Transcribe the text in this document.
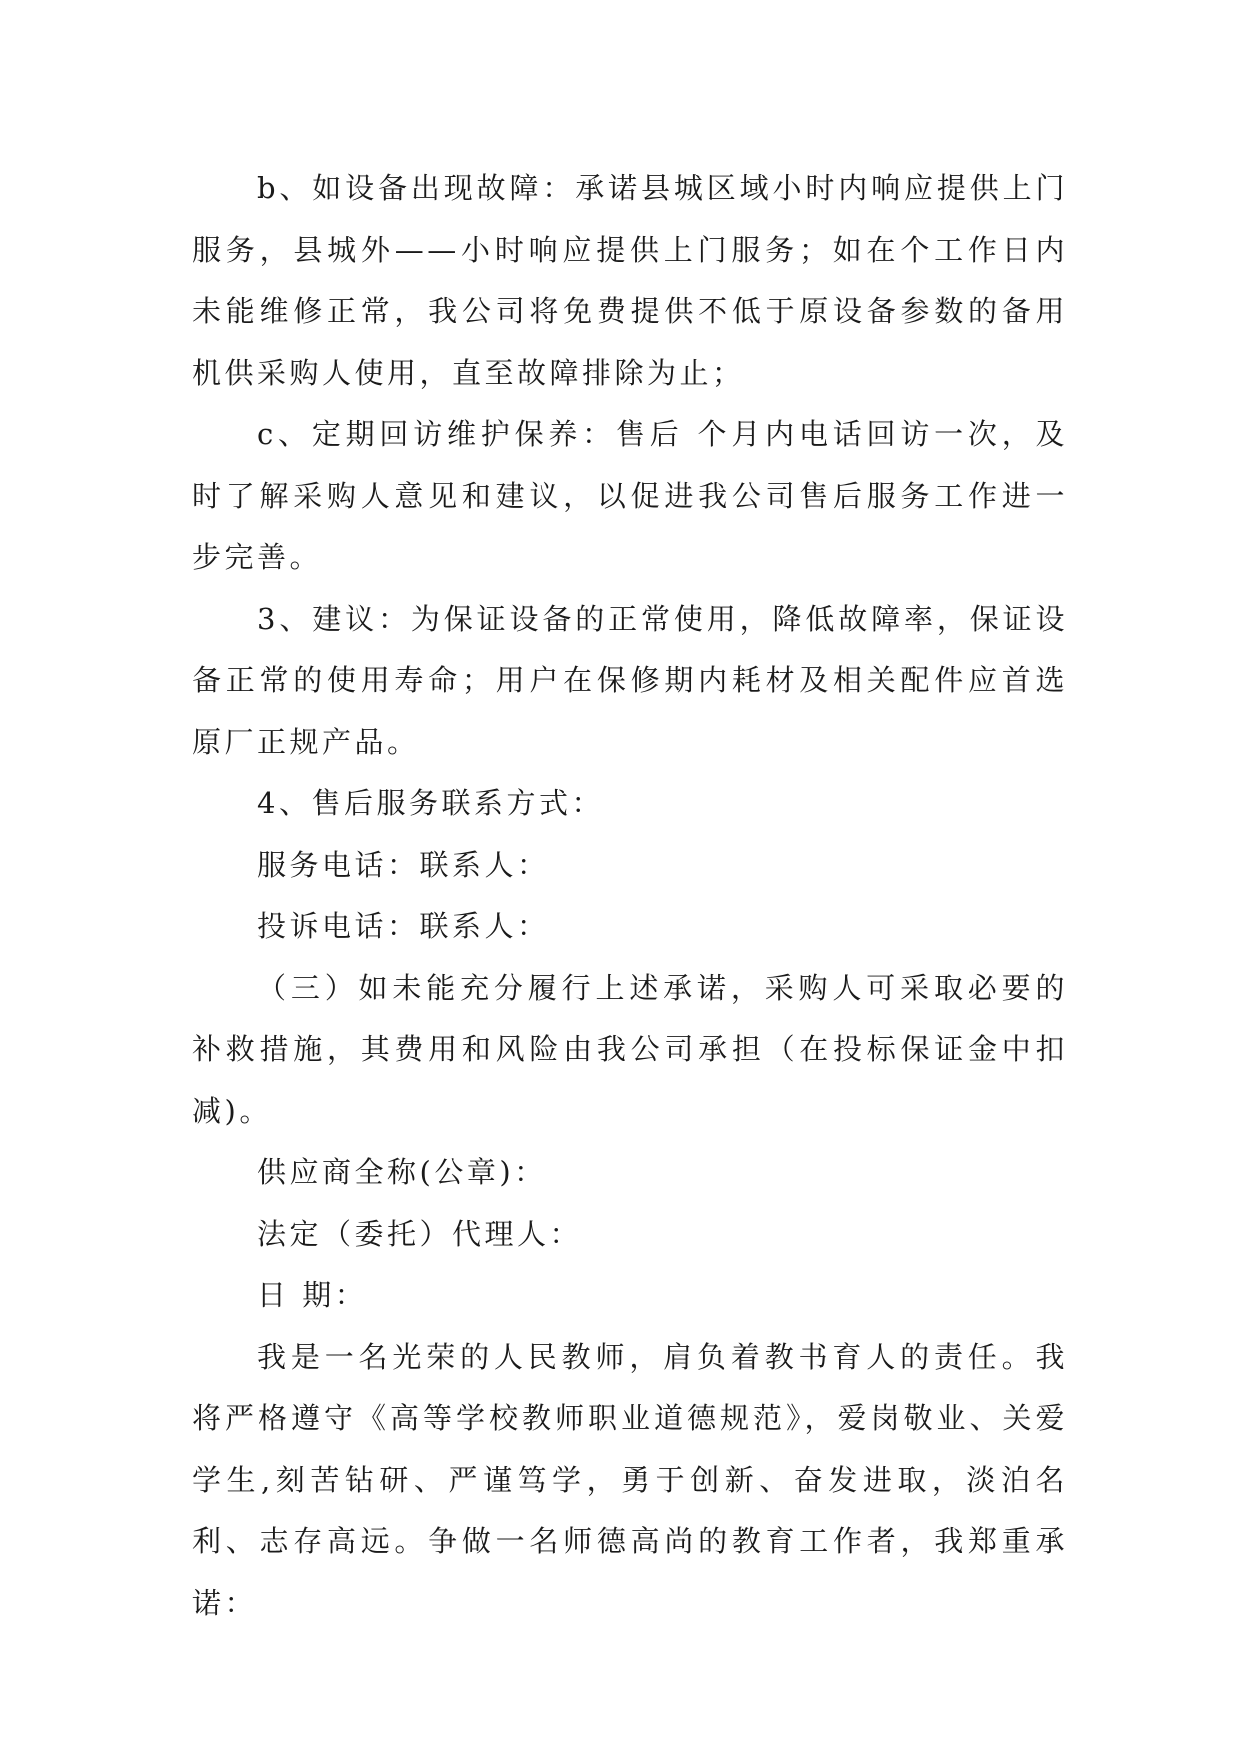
b、如设备出现故障：承诺县城区域小时内响应提供上门服务，县城外——小时响应提供上门服务；如在个工作日内未能维修正常，我公司将免费提供不低于原设备参数的备用机供采购人使用，直至故障排除为止；

c、定期回访维护保养：售后 个月内电话回访一次，及时了解采购人意见和建议，以促进我公司售后服务工作进一步完善。

3、建议：为保证设备的正常使用，降低故障率，保证设备正常的使用寿命；用户在保修期内耗材及相关配件应首选原厂正规产品。

4、售后服务联系方式：

服务电话：联系人：

投诉电话：联系人：

（三）如未能充分履行上述承诺，采购人可采取必要的补救措施，其费用和风险由我公司承担（在投标保证金中扣减)。

供应商全称(公章)：

法定（委托）代理人：

日 期：

我是一名光荣的人民教师，肩负着教书育人的责任。我将严格遵守《高等学校教师职业道德规范》，爱岗敬业、关爱学生,刻苦钻研、严谨笃学，勇于创新、奋发进取，淡泊名利、志存高远。争做一名师德高尚的教育工作者，我郑重承诺：
